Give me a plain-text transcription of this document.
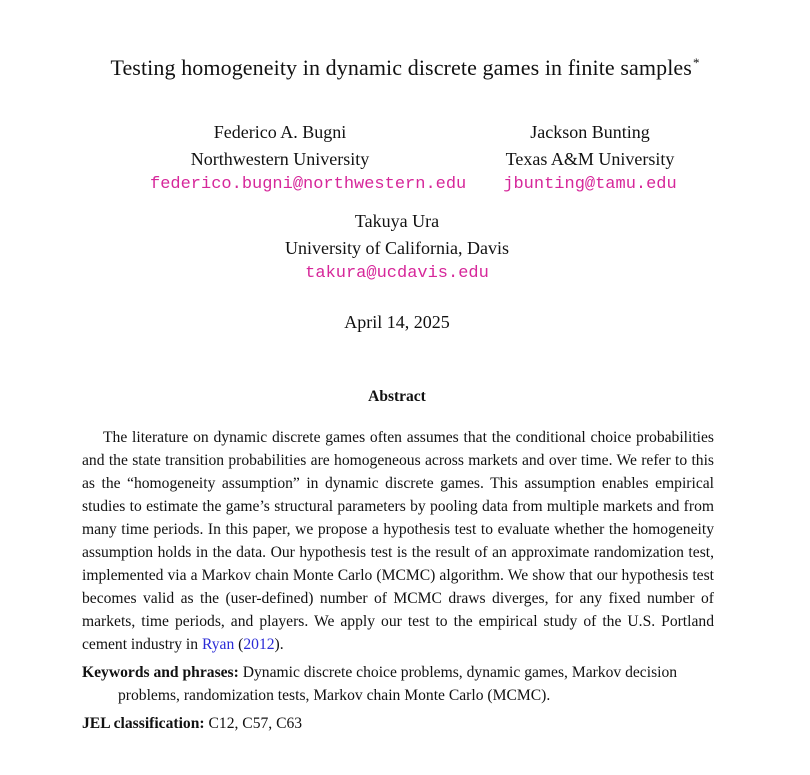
Testing homogeneity in dynamic discrete games in finite samples*
Federico A. Bugni
Northwestern University
federico.bugni@northwestern.edu
Jackson Bunting
Texas A&M University
jbunting@tamu.edu
Takuya Ura
University of California, Davis
takura@ucdavis.edu
April 14, 2025
Abstract

The literature on dynamic discrete games often assumes that the conditional choice probabilities and the state transition probabilities are homogeneous across markets and over time. We refer to this as the “homogeneity assumption” in dynamic discrete games. This assumption enables empirical studies to estimate the game’s structural parameters by pooling data from multiple markets and from many time periods. In this paper, we propose a hypothesis test to evaluate whether the homogeneity assumption holds in the data. Our hypothesis test is the result of an approximate randomization test, implemented via a Markov chain Monte Carlo (MCMC) algorithm. We show that our hypothesis test becomes valid as the (user-defined) number of MCMC draws diverges, for any fixed number of markets, time periods, and players. We apply our test to the empirical study of the U.S. Portland cement industry in Ryan (2012).

Keywords and phrases: Dynamic discrete choice problems, dynamic games, Markov decision problems, randomization tests, Markov chain Monte Carlo (MCMC).

JEL classification: C12, C57, C63
